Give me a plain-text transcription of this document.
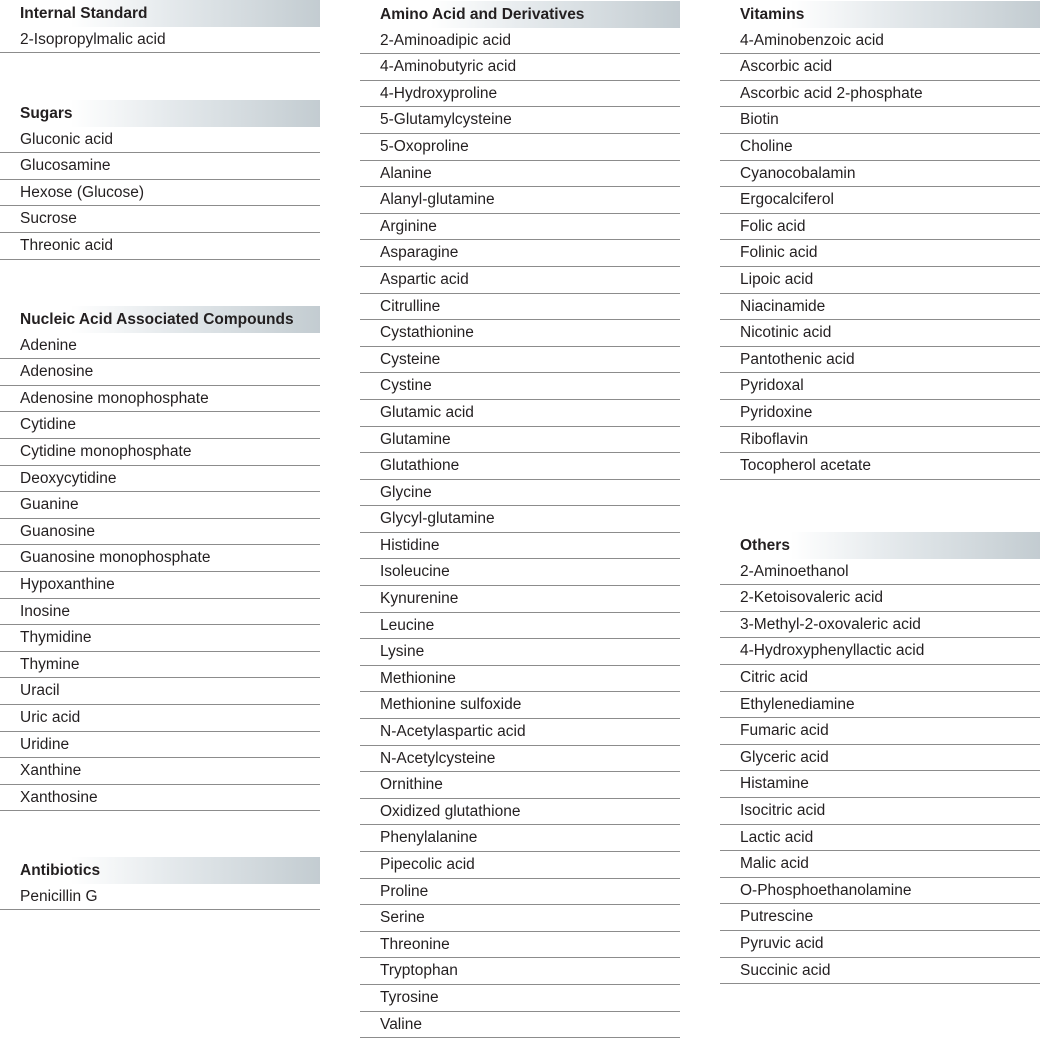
Internal Standard
2-Isopropylmalic acid
Sugars
Gluconic acid
Glucosamine
Hexose (Glucose)
Sucrose
Threonic acid
Nucleic Acid Associated Compounds
Adenine
Adenosine
Adenosine monophosphate
Cytidine
Cytidine monophosphate
Deoxycytidine
Guanine
Guanosine
Guanosine monophosphate
Hypoxanthine
Inosine
Thymidine
Thymine
Uracil
Uric acid
Uridine
Xanthine
Xanthosine
Antibiotics
Penicillin G
Amino Acid and Derivatives
2-Aminoadipic acid
4-Aminobutyric acid
4-Hydroxyproline
5-Glutamylcysteine
5-Oxoproline
Alanine
Alanyl-glutamine
Arginine
Asparagine
Aspartic acid
Citrulline
Cystathionine
Cysteine
Cystine
Glutamic acid
Glutamine
Glutathione
Glycine
Glycyl-glutamine
Histidine
Isoleucine
Kynurenine
Leucine
Lysine
Methionine
Methionine sulfoxide
N-Acetylaspartic acid
N-Acetylcysteine
Ornithine
Oxidized glutathione
Phenylalanine
Pipecolic acid
Proline
Serine
Threonine
Tryptophan
Tyrosine
Valine
Vitamins
4-Aminobenzoic acid
Ascorbic acid
Ascorbic acid 2-phosphate
Biotin
Choline
Cyanocobalamin
Ergocalciferol
Folic acid
Folinic acid
Lipoic acid
Niacinamide
Nicotinic acid
Pantothenic acid
Pyridoxal
Pyridoxine
Riboflavin
Tocopherol acetate
Others
2-Aminoethanol
2-Ketoisovaleric acid
3-Methyl-2-oxovaleric acid
4-Hydroxyphenyllactic acid
Citric acid
Ethylenediamine
Fumaric acid
Glyceric acid
Histamine
Isocitric acid
Lactic acid
Malic acid
O-Phosphoethanolamine
Putrescine
Pyruvic acid
Succinic acid
